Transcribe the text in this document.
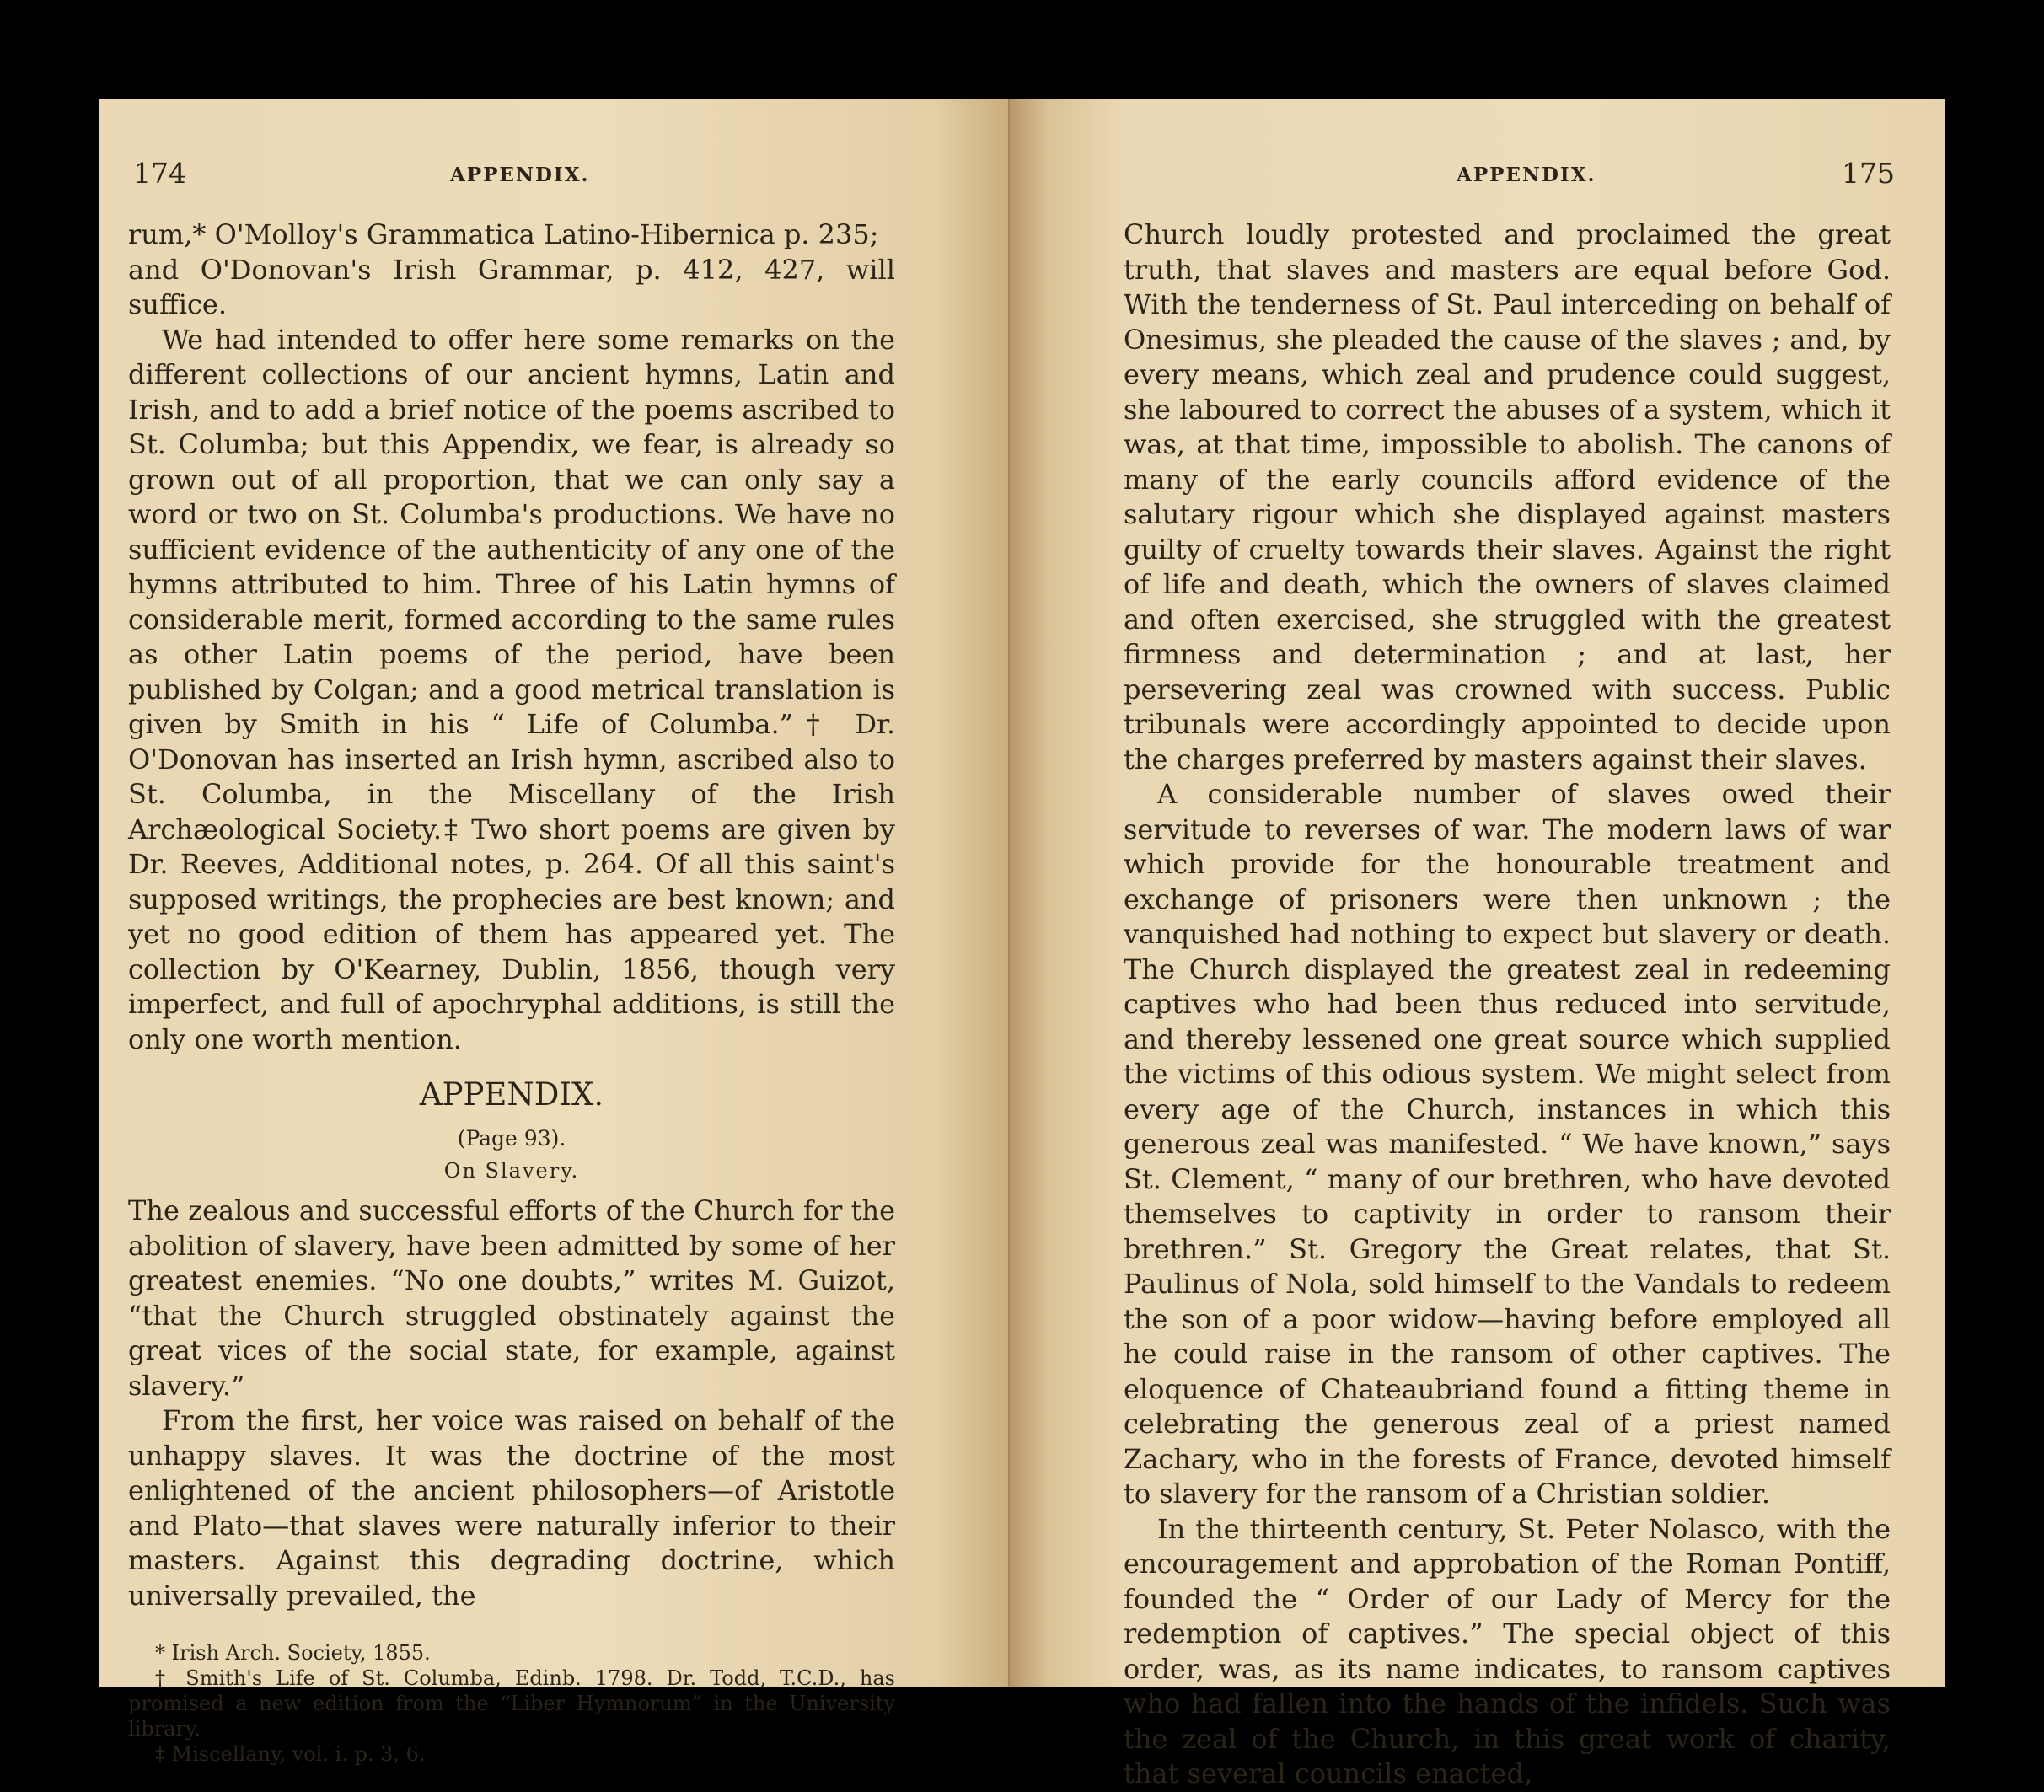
174	APPENDIX.

rum,* O'Molloy's Grammatica Latino-Hibernica p. 235;

and O'Donovan's Irish Grammar, p. 412, 427, will suffice.

We had intended to offer here some remarks on the different collections of our ancient hymns, Latin and Irish, and to add a brief notice of the poems ascribed to St. Columba; but this Appendix, we fear, is already so grown out of all proportion, that we can only say a word or two on St. Columba's productions. We have no sufficient evidence of the authenticity of any one of the hymns attributed to him. Three of his Latin hymns of considerable merit, formed according to the same rules as other Latin poems of the period, have been published by Colgan; and a good metrical translation is given by Smith in his “ Life of Columba.”† Dr. O'Donovan has inserted an Irish hymn, ascribed also to St. Columba, in the Miscellany of the Irish Archæological Society.‡ Two short poems are given by Dr. Reeves, Additional notes, p. 264. Of all this saint's supposed writings, the prophecies are best known; and yet no good edition of them has appeared yet. The collection by O'Kearney, Dublin, 1856, though very imperfect, and full of apochryphal additions, is still the only one worth mention.

APPENDIX.

(Page 93).

On Slavery.

The zealous and successful efforts of the Church for the abolition of slavery, have been admitted by some of her greatest enemies. “No one doubts,” writes M. Guizot, “that the Church struggled obstinately against the great vices of the social state, for example, against slavery.”

From the first, her voice was raised on behalf of the unhappy slaves. It was the doctrine of the most enlightened of the ancient philosophers—of Aristotle and Plato—that slaves were naturally inferior to their masters. Against this degrading doctrine, which universally prevailed, the

* Irish Arch. Society, 1855.

† Smith's Life of St. Columba, Edinb. 1798. Dr. Todd, T.C.D., has promised a new edition from the “Liber Hymnorum” in the University library.

‡ Miscellany, vol. i. p. 3, 6.

APPENDIX.	175

Church loudly protested and proclaimed the great truth, that slaves and masters are equal before God. With the tenderness of St. Paul interceding on behalf of Onesimus, she pleaded the cause of the slaves ; and, by every means, which zeal and prudence could suggest, she laboured to correct the abuses of a system, which it was, at that time, impossible to abolish. The canons of many of the early councils afford evidence of the salutary rigour which she displayed against masters guilty of cruelty towards their slaves. Against the right of life and death, which the owners of slaves claimed and often exercised, she struggled with the greatest firmness and determination ; and at last, her persevering zeal was crowned with success. Public tribunals were accordingly appointed to decide upon the charges preferred by masters against their slaves.

A considerable number of slaves owed their servitude to reverses of war. The modern laws of war which provide for the honourable treatment and exchange of prisoners were then unknown ; the vanquished had nothing to expect but slavery or death. The Church displayed the greatest zeal in redeeming captives who had been thus reduced into servitude, and thereby lessened one great source which supplied the victims of this odious system. We might select from every age of the Church, instances in which this generous zeal was manifested. “ We have known,” says St. Clement, “ many of our brethren, who have devoted themselves to captivity in order to ransom their brethren.” St. Gregory the Great relates, that St. Paulinus of Nola, sold himself to the Vandals to redeem the son of a poor widow—having before employed all he could raise in the ransom of other captives. The eloquence of Chateaubriand found a fitting theme in celebrating the generous zeal of a priest named Zachary, who in the forests of France, devoted himself to slavery for the ransom of a Christian soldier.

In the thirteenth century, St. Peter Nolasco, with the encouragement and approbation of the Roman Pontiff, founded the “ Order of our Lady of Mercy for the redemption of captives.” The special object of this order, was, as its name indicates, to ransom captives who had fallen into the hands of the infidels. Such was the zeal of the Church, in this great work of charity, that several councils enacted,
